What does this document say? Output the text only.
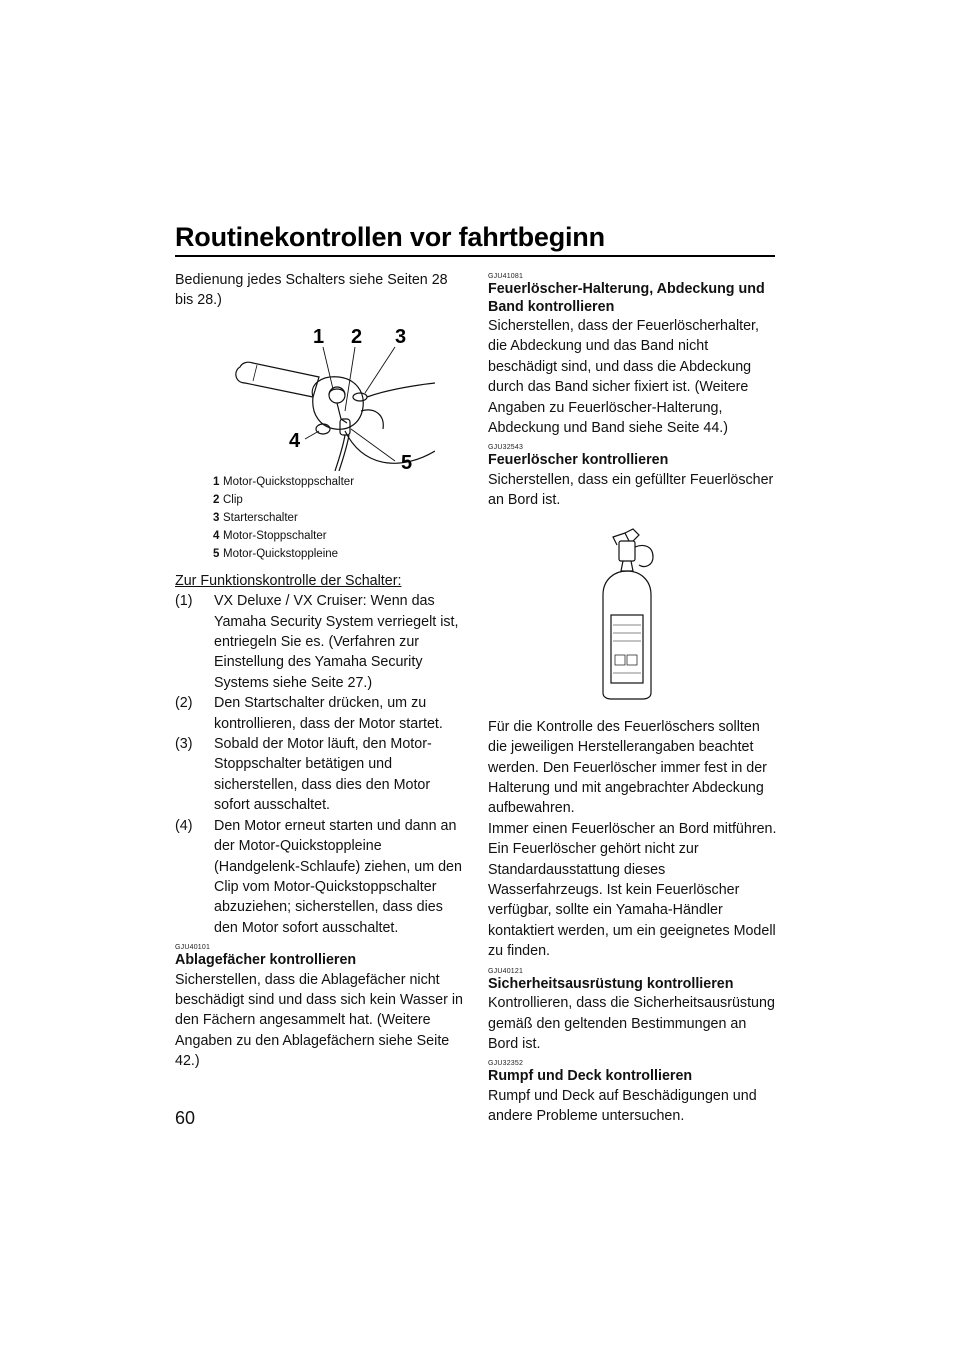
Routinekontrollen vor fahrtbeginn

Bedienung jedes Schalters siehe Seiten 28 bis 28.)

1 2 3
4
5
1 Motor-Quickstoppschalter
2 Clip
3 Starterschalter
4 Motor-Stoppschalter
5 Motor-Quickstoppleine

Zur Funktionskontrolle der Schalter:

(1)	VX Deluxe / VX Cruiser: Wenn das Yamaha Security System verriegelt ist, entriegeln Sie es. (Verfahren zur Einstellung des Yamaha Security Systems siehe Seite 27.)
(2)	Den Startschalter drücken, um zu kontrollieren, dass der Motor startet.
(3)	Sobald der Motor läuft, den Motor-Stoppschalter betätigen und sicherstellen, dass dies den Motor sofort ausschaltet.
(4)	Den Motor erneut starten und dann an der Motor-Quickstoppleine (Handgelenk-Schlaufe) ziehen, um den Clip vom Motor-Quickstoppschalter abzuziehen; sicherstellen, dass dies den Motor sofort ausschaltet.
GJU40101

Ablagefächer kontrollieren

Sicherstellen, dass die Ablagefächer nicht beschädigt sind und dass sich kein Wasser in den Fächern angesammelt hat. (Weitere Angaben zu den Ablagefächern siehe Seite 42.)

GJU41081

Feuerlöscher-Halterung, Abdeckung und Band kontrollieren

Sicherstellen, dass der Feuerlöscherhalter, die Abdeckung und das Band nicht beschädigt sind, und dass die Abdeckung durch das Band sicher fixiert ist. (Weitere Angaben zu Feuerlöscher-Halterung, Abdeckung und Band siehe Seite 44.)

GJU32543

Feuerlöscher kontrollieren

Sicherstellen, dass ein gefüllter Feuerlöscher an Bord ist.

Für die Kontrolle des Feuerlöschers sollten die jeweiligen Herstellerangaben beachtet werden. Den Feuerlöscher immer fest in der Halterung und mit angebrachter Abdeckung aufbewahren.

Immer einen Feuerlöscher an Bord mitführen. Ein Feuerlöscher gehört nicht zur Standardausstattung dieses Wasserfahrzeugs. Ist kein Feuerlöscher verfügbar, sollte ein Yamaha-Händler kontaktiert werden, um ein geeignetes Modell zu finden.

GJU40121

Sicherheitsausrüstung kontrollieren

Kontrollieren, dass die Sicherheitsausrüstung gemäß den geltenden Bestimmungen an Bord ist.

GJU32352

Rumpf und Deck kontrollieren

Rumpf und Deck auf Beschädigungen und andere Probleme untersuchen.

60
